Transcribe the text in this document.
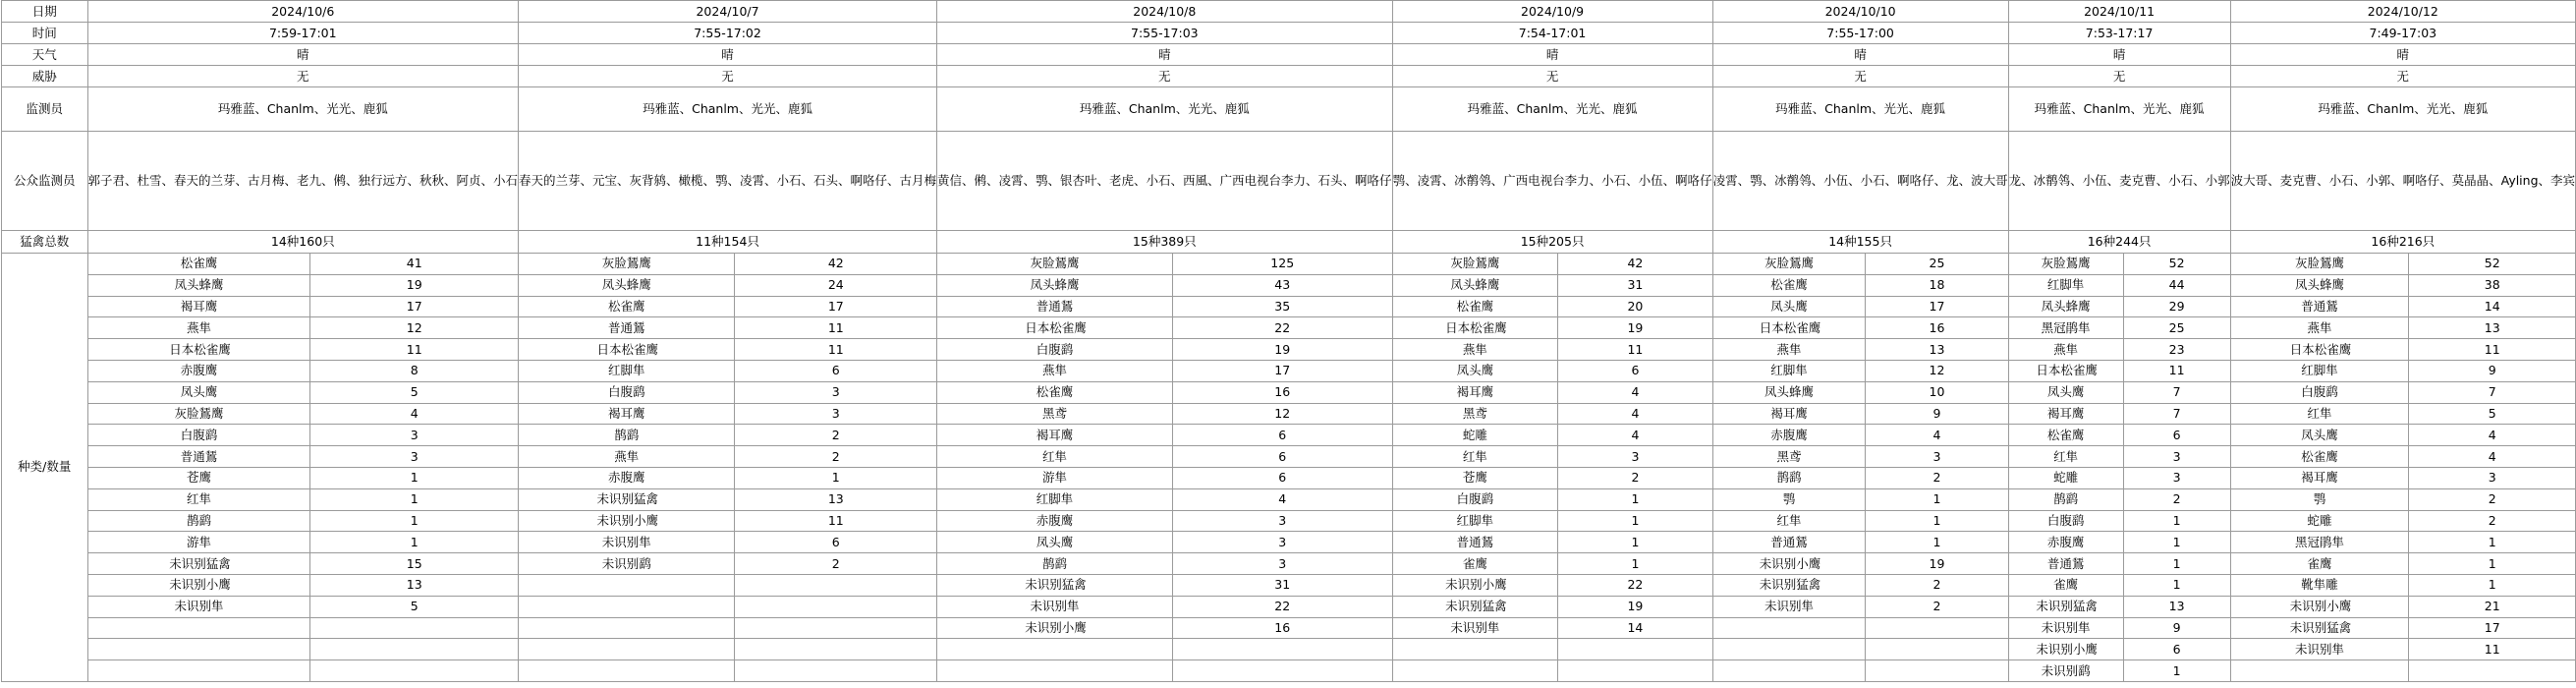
日期	2024/10/6		2024/10/7		2024/10/8		2024/10/9		2024/10/10		2024/10/11		2024/10/12	
时间	7:59-17:01		7:55-17:02		7:55-17:03		7:54-17:01		7:55-17:00		7:53-17:17		7:49-17:03	
天气	晴		晴		晴		晴		晴		晴		晴	
威胁	无		无		无		无		无		无		无	
监测员	玛雅蓝、Chanlm、光光、鹿狐		玛雅蓝、Chanlm、光光、鹿狐		玛雅蓝、Chanlm、光光、鹿狐		玛雅蓝、Chanlm、光光、鹿狐		玛雅蓝、Chanlm、光光、鹿狐		玛雅蓝、Chanlm、光光、鹿狐		玛雅蓝、Chanlm、光光、鹿狐	
公众监测员	郭子君、杜雪、春天的兰芽、古月梅、老九、鸺、独行远方、秋秋、阿贞、小石		春天的兰芽、元宝、灰背鸫、橄榄、鹗、凌霄、小石、石头、啊咯仔、古月梅		黄信、鸺、凌霄、鹗、银杏叶、老虎、小石、西風、广西电视台李力、石头、啊咯仔		鹗、凌霄、冰鹡鸰、广西电视台李力、小石、小伍、啊咯仔		凌霄、鹗、冰鹡鸰、小伍、小石、啊咯仔、龙、波大哥		龙、冰鹡鸰、小伍、麦克曹、小石、小郭		波大哥、麦克曹、小石、小郭、啊咯仔、莫晶晶、Ayling、李宾	
猛禽总数	14种160只		11种154只		15种389只		15种205只		14种155只		16种244只		16种216只	
种类/数量	松雀鹰	41	灰脸鵟鹰	42	灰脸鵟鹰	125	灰脸鵟鹰	42	灰脸鵟鹰	25	灰脸鵟鹰	52	灰脸鵟鹰	52
	凤头蜂鹰	19	凤头蜂鹰	24	凤头蜂鹰	43	凤头蜂鹰	31	松雀鹰	18	红脚隼	44	凤头蜂鹰	38
	褐耳鹰	17	松雀鹰	17	普通鵟	35	松雀鹰	20	凤头鹰	17	凤头蜂鹰	29	普通鵟	14
	燕隼	12	普通鵟	11	日本松雀鹰	22	日本松雀鹰	19	日本松雀鹰	16	黑冠鹃隼	25	燕隼	13
	日本松雀鹰	11	日本松雀鹰	11	白腹鹞	19	燕隼	11	燕隼	13	燕隼	23	日本松雀鹰	11
	赤腹鹰	8	红脚隼	6	燕隼	17	凤头鹰	6	红脚隼	12	日本松雀鹰	11	红脚隼	9
	凤头鹰	5	白腹鹞	3	松雀鹰	16	褐耳鹰	4	凤头蜂鹰	10	凤头鹰	7	白腹鹞	7
	灰脸鵟鹰	4	褐耳鹰	3	黑鸢	12	黑鸢	4	褐耳鹰	9	褐耳鹰	7	红隼	5
	白腹鹞	3	鹊鹞	2	褐耳鹰	6	蛇雕	4	赤腹鹰	4	松雀鹰	6	凤头鹰	4
	普通鵟	3	燕隼	2	红隼	6	红隼	3	黑鸢	3	红隼	3	松雀鹰	4
	苍鹰	1	赤腹鹰	1	游隼	6	苍鹰	2	鹊鹞	2	蛇雕	3	褐耳鹰	3
	红隼	1	未识别猛禽	13	红脚隼	4	白腹鹞	1	鹗	1	鹊鹞	2	鹗	2
	鹊鹞	1	未识别小鹰	11	赤腹鹰	3	红脚隼	1	红隼	1	白腹鹞	1	蛇雕	2
	游隼	1	未识别隼	6	凤头鹰	3	普通鵟	1	普通鵟	1	赤腹鹰	1	黑冠鹃隼	1
	未识别猛禽	15	未识别鹞	2	鹊鹞	3	雀鹰	1	未识别小鹰	19	普通鵟	1	雀鹰	1
	未识别小鹰	13			未识别猛禽	31	未识别小鹰	22	未识别猛禽	2	雀鹰	1	靴隼雕	1
	未识别隼	5			未识别隼	22	未识别猛禽	19	未识别隼	2	未识别猛禽	13	未识别小鹰	21
					未识别小鹰	16	未识别隼	14			未识别隼	9	未识别猛禽	17
											未识别小鹰	6	未识别隼	11
											未识别鹞	1		
